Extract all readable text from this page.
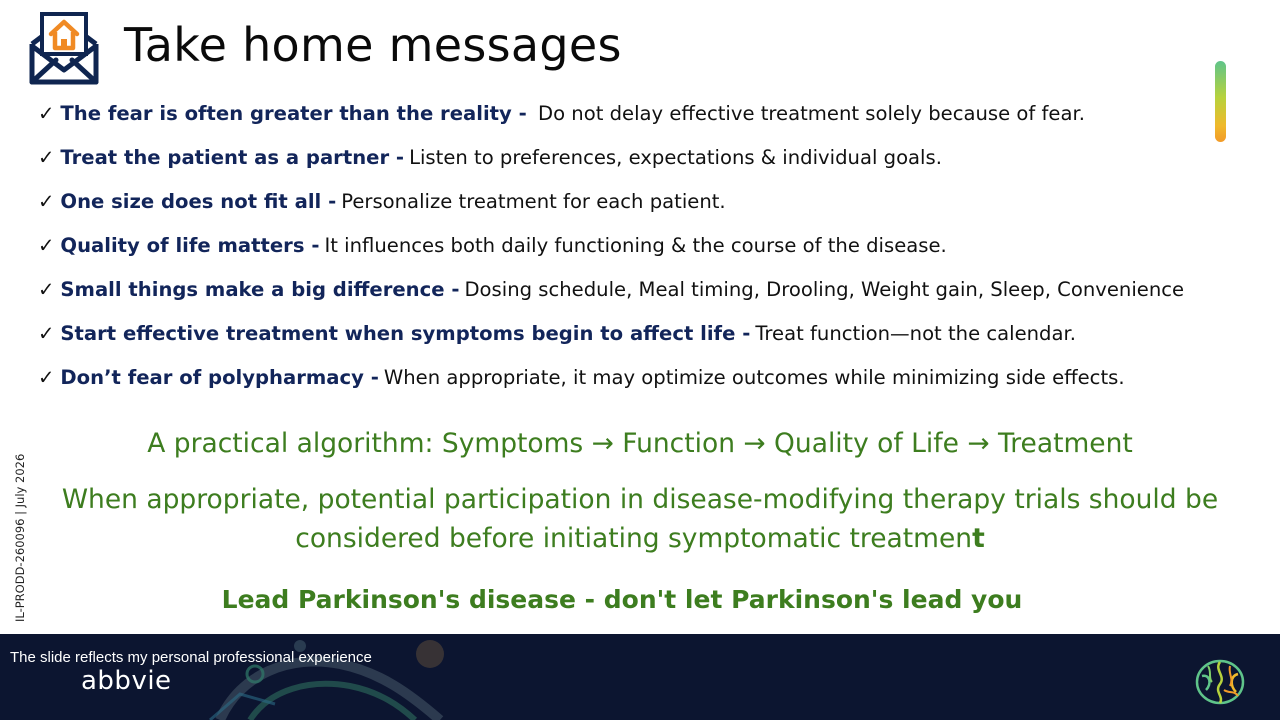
Take home messages
✓ The fear is often greater than the reality - Do not delay effective treatment solely because of fear.
✓ Treat the patient as a partner - Listen to preferences, expectations & individual goals.
✓ One size does not fit all - Personalize treatment for each patient.
✓ Quality of life matters - It influences both daily functioning & the course of the disease.
✓ Small things make a big difference - Dosing schedule, Meal timing, Drooling, Weight gain, Sleep, Convenience
✓ Start effective treatment when symptoms begin to affect life - Treat function—not the calendar.
✓ Don’t fear of polypharmacy - When appropriate, it may optimize outcomes while minimizing side effects.
A practical algorithm: Symptoms → Function → Quality of Life → Treatment
When appropriate, potential participation in disease-modifying therapy trials should be
considered before initiating symptomatic treatment
Lead Parkinson's disease - don't let Parkinson's lead you
IL-PRODD-260096 | July 2026
The slide reflects my personal professional experience
abbvie
